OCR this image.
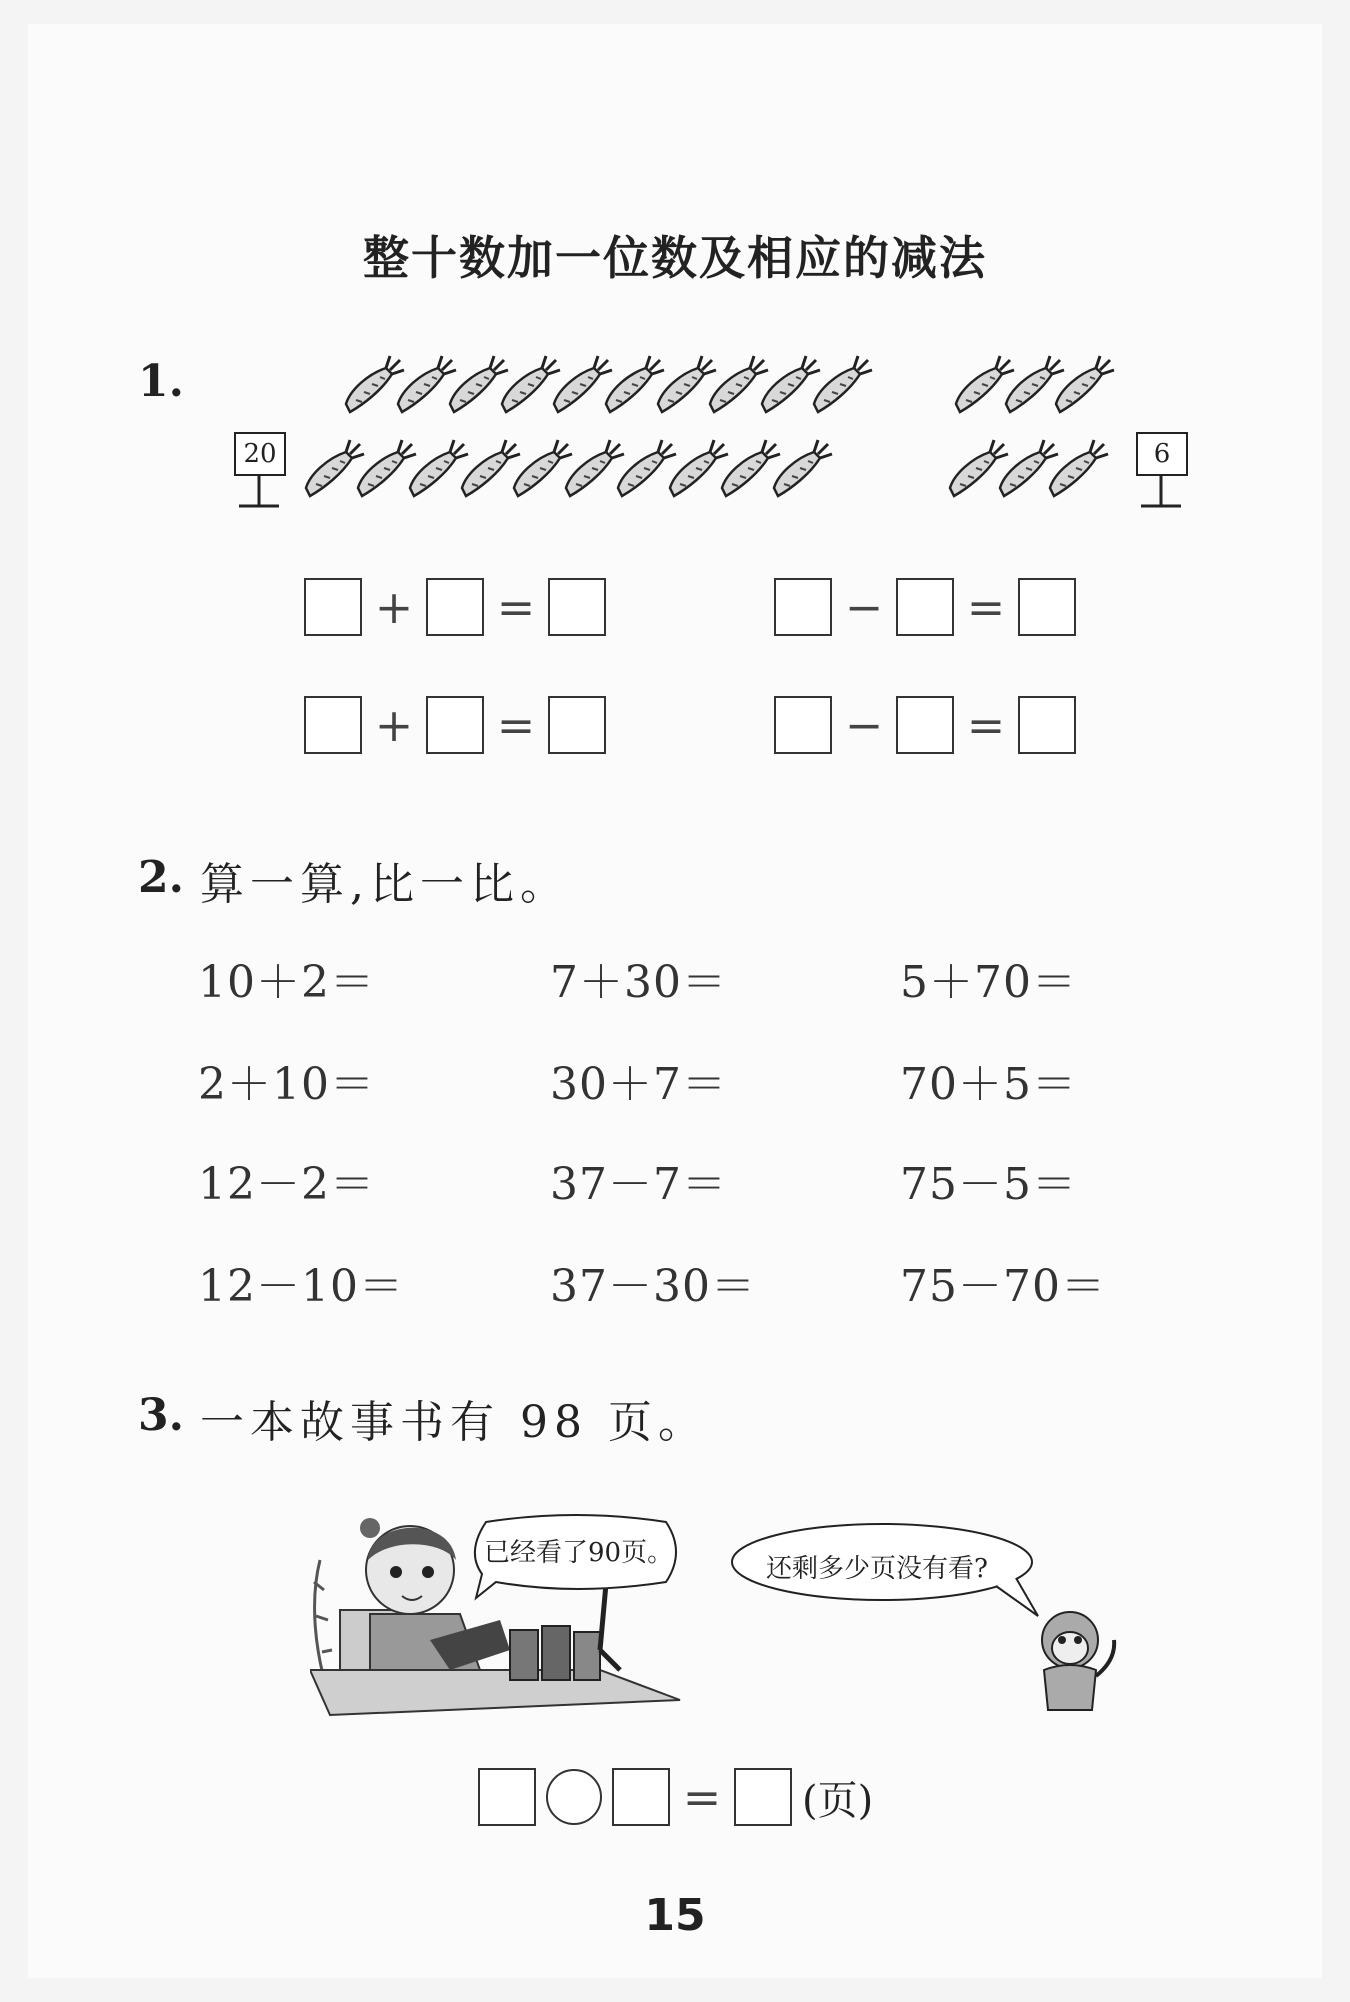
整十数加一位数及相应的减法
1.
20	6
+ =	− =
+ =	− =
2. 算一算,比一比。
10＋2＝	7＋30＝	5＋70＝
2＋10＝	30＋7＝	70＋5＝
12－2＝	37－7＝	75－5＝
12－10＝	37－30＝	75－70＝
3. 一本故事书有 98 页。
已经看了90页。
还剩多少页没有看?
= (页)
15
